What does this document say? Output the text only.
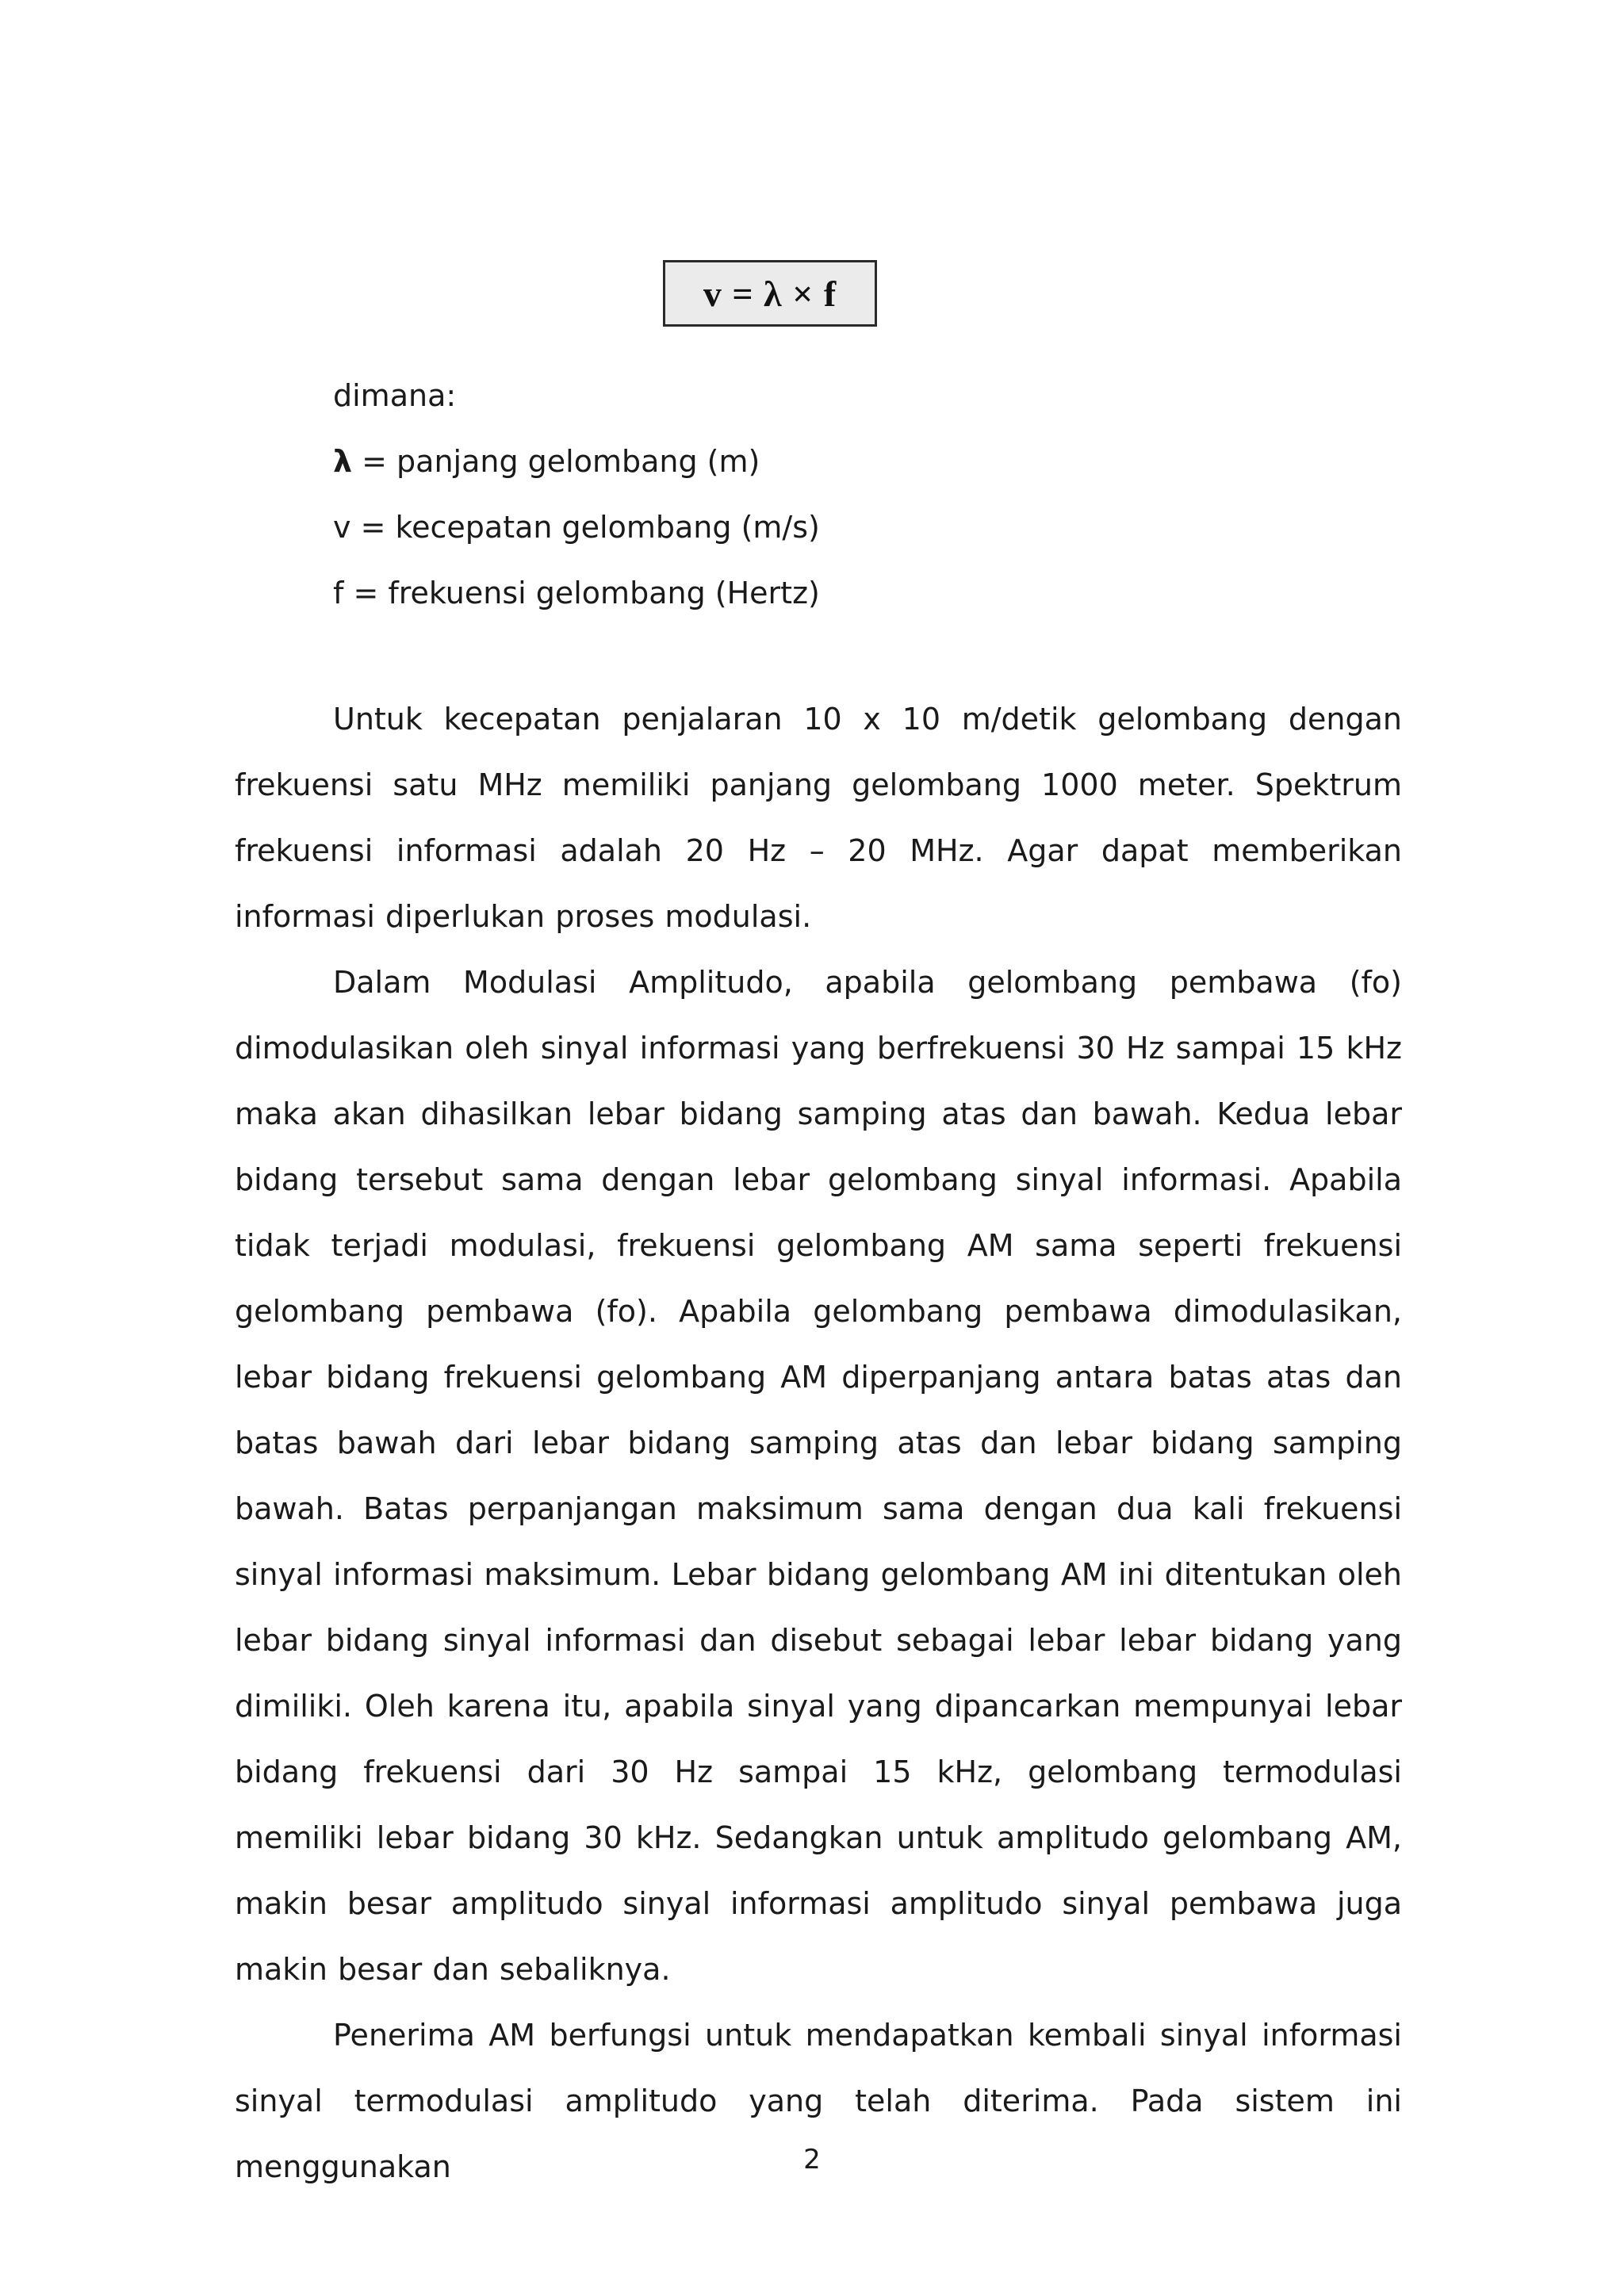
v = λ × f
dimana:
λ = panjang gelombang (m)
v = kecepatan gelombang (m/s)
f = frekuensi gelombang (Hertz)

Untuk kecepatan penjalaran 10 x 10 m/detik gelombang dengan frekuensi satu MHz memiliki panjang gelombang 1000 meter. Spektrum frekuensi informasi adalah 20 Hz – 20 MHz. Agar dapat memberikan informasi diperlukan proses modulasi.

Dalam Modulasi Amplitudo, apabila gelombang pembawa (fo) dimodulasikan oleh sinyal informasi yang berfrekuensi 30 Hz sampai 15 kHz maka akan dihasilkan lebar bidang samping atas dan bawah. Kedua lebar bidang tersebut sama dengan lebar gelombang sinyal informasi. Apabila tidak terjadi modulasi, frekuensi gelombang AM sama seperti frekuensi gelombang pembawa (fo). Apabila gelombang pembawa dimodulasikan, lebar bidang frekuensi gelombang AM diperpanjang antara batas atas dan batas bawah dari lebar bidang samping atas dan lebar bidang samping bawah. Batas perpanjangan maksimum sama dengan dua kali frekuensi sinyal informasi maksimum. Lebar bidang gelombang AM ini ditentukan oleh lebar bidang sinyal informasi dan disebut sebagai lebar lebar bidang yang dimiliki. Oleh karena itu, apabila sinyal yang dipancarkan mempunyai lebar bidang frekuensi dari 30 Hz sampai 15 kHz, gelombang termodulasi memiliki lebar bidang 30 kHz. Sedangkan untuk amplitudo gelombang AM, makin besar amplitudo sinyal informasi amplitudo sinyal pembawa juga makin besar dan sebaliknya.

Penerima AM berfungsi untuk mendapatkan kembali sinyal informasi sinyal termodulasi amplitudo yang telah diterima. Pada sistem ini menggunakan	2
